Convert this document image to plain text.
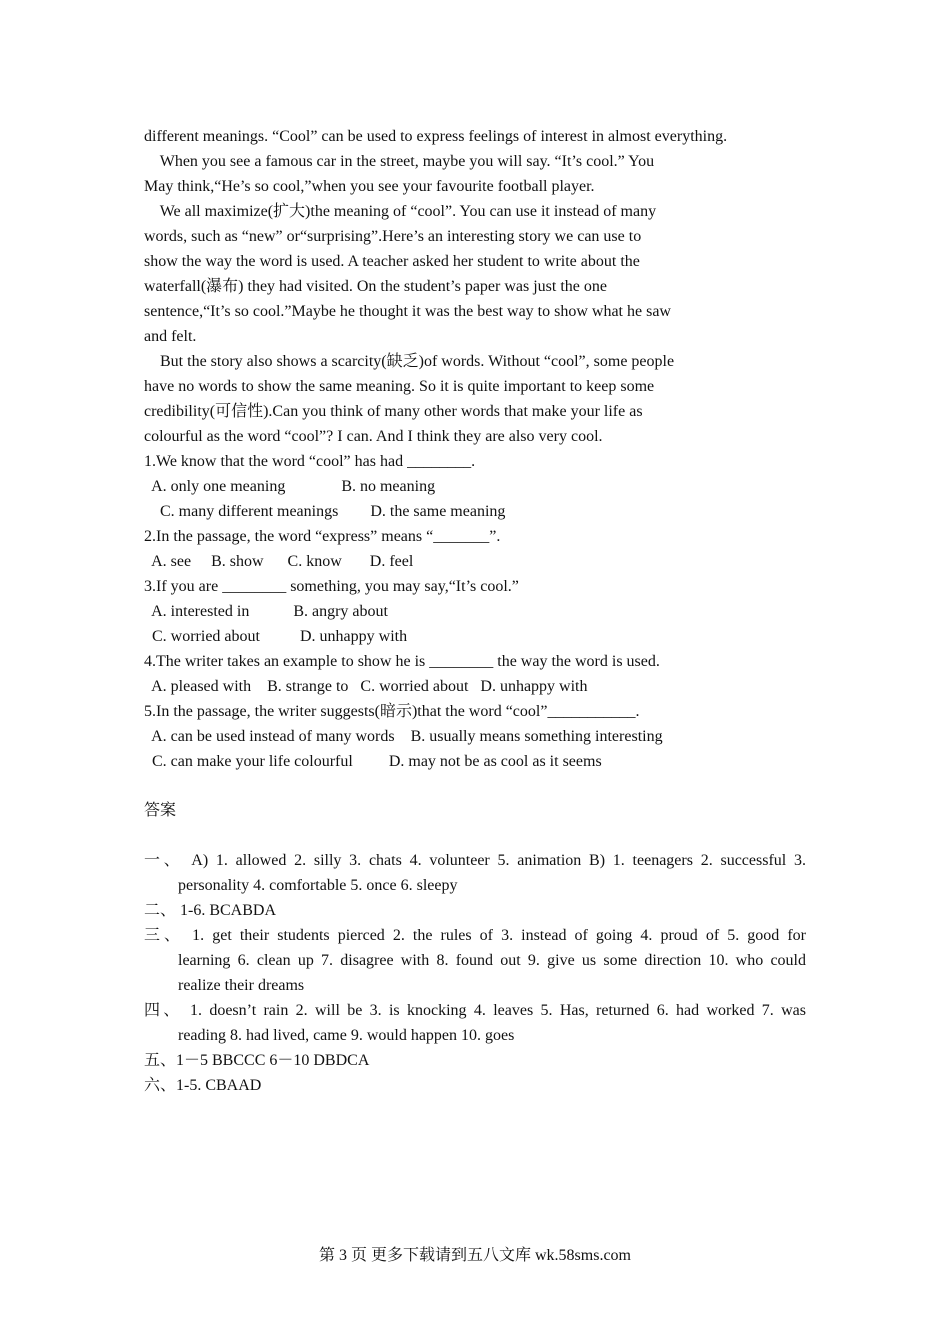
different meanings. “Cool” can be used to express feelings of interest in almost everything.
When you see a famous car in the street, maybe you will say. “It’s cool.” You
May think,“He’s so cool,”when you see your favourite football player.
We all maximize(扩大)the meaning of “cool”. You can use it instead of many
words, such as “new” or“surprising”.Here’s an interesting story we can use to
show the way the word is used. A teacher asked her student to write about the
waterfall(瀑布) they had visited. On the student’s paper was just the one
sentence,“It’s so cool.”Maybe he thought it was the best way to show what he saw
and felt.
But the story also shows a scarcity(缺乏)of words. Without “cool”, some people
have no words to show the same meaning. So it is quite important to keep some
credibility(可信性).Can you think of many other words that make your life as
colourful as the word “cool”? I can. And I think they are also very cool.
1.We know that the word “cool” has had ________.
A. only one meaning              B. no meaning
C. many different meanings        D. the same meaning
2.In the passage, the word “express” means “_______”.
A. see     B. show      C. know       D. feel
3.If you are ________ something, you may say,“It’s cool.”
A. interested in           B. angry about
C. worried about          D. unhappy with
4.The writer takes an example to show he is ________ the way the word is used.
A. pleased with    B. strange to   C. worried about   D. unhappy with
5.In the passage, the writer suggests(暗示)that the word “cool”___________.
A. can be used instead of many words    B. usually means something interesting
C. can make your life colourful         D. may not be as cool as it seems
答案
一、 A) 1. allowed 2. silly 3. chats 4. volunteer 5. animation B) 1. teenagers 2. successful 3.
personality 4. comfortable 5. once 6. sleepy
二、 1-6. BCABDA
三、 1. get their students pierced 2. the rules of 3. instead of going 4. proud of 5. good for
learning 6. clean up 7. disagree with 8. found out 9. give us some direction 10. who could
realize their dreams
四、 1. doesn’t rain 2. will be 3. is knocking 4. leaves 5. Has, returned 6. had worked 7. was
reading 8. had lived, came 9. would happen 10. goes
五、1－5 BBCCC 6－10 DBDCA
六、1-5. CBAAD
第 3 页 更多下载请到五八文库 wk.58sms.com
